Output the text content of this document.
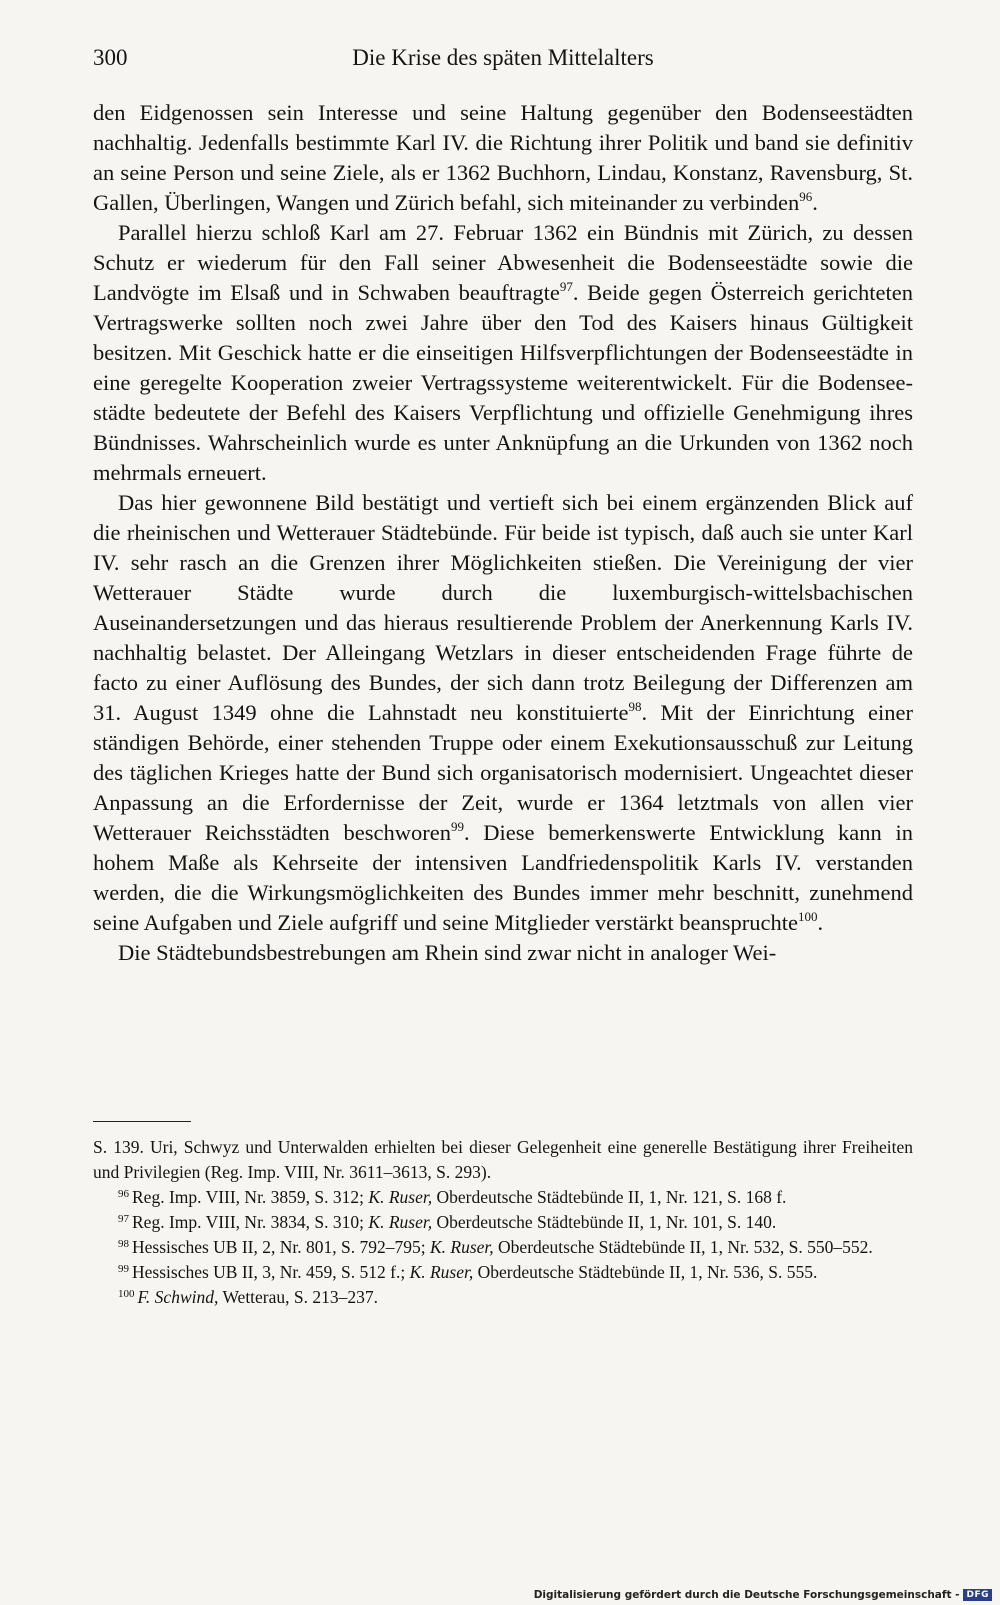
300	Die Krise des späten Mittelalters

den Eidgenossen sein Interesse und seine Haltung gegenüber den Bodenseestädten nachhaltig. Jedenfalls bestimmte Karl IV. die Richtung ihrer Politik und band sie definitiv an seine Person und seine Ziele, als er 1362 Buchhorn, Lindau, Konstanz, Ravensburg, St. Gallen, Überlingen, Wangen und Zürich befahl, sich miteinander zu verbinden$^{96}$.

Parallel hierzu schloß Karl am 27. Februar 1362 ein Bündnis mit Zürich, zu dessen Schutz er wiederum für den Fall seiner Abwesenheit die Bodenseestädte sowie die Landvögte im Elsaß und in Schwaben beauftragte$^{97}$. Beide gegen Österreich gerichteten Vertragswerke sollten noch zwei Jahre über den Tod des Kaisers hinaus Gültigkeit besitzen. Mit Geschick hatte er die einseitigen Hilfsverpflichtungen der Bodenseestädte in eine geregelte Kooperation zweier Vertragssysteme weiterentwickelt. Für die Bodenseestädte bedeutete der Befehl des Kaisers Verpflichtung und offizielle Genehmigung ihres Bündnisses. Wahrscheinlich wurde es unter Anknüpfung an die Urkunden von 1362 noch mehrmals erneuert.

Das hier gewonnene Bild bestätigt und vertieft sich bei einem ergänzenden Blick auf die rheinischen und Wetterauer Städtebünde. Für beide ist typisch, daß auch sie unter Karl IV. sehr rasch an die Grenzen ihrer Möglichkeiten stießen. Die Vereinigung der vier Wetterauer Städte wurde durch die luxemburgisch-wittelsbachischen Auseinandersetzungen und das hieraus resultierende Problem der Anerkennung Karls IV. nachhaltig belastet. Der Alleingang Wetzlars in dieser entscheidenden Frage führte de facto zu einer Auflösung des Bundes, der sich dann trotz Beilegung der Differenzen am 31. August 1349 ohne die Lahnstadt neu konstituierte$^{98}$. Mit der Einrichtung einer ständigen Behörde, einer stehenden Truppe oder einem Exekutionsausschuß zur Leitung des täglichen Krieges hatte der Bund sich organisatorisch modernisiert. Ungeachtet dieser Anpassung an die Erfordernisse der Zeit, wurde er 1364 letztmals von allen vier Wetterauer Reichsstädten beschworen$^{99}$. Diese bemerkenswerte Entwicklung kann in hohem Maße als Kehrseite der intensiven Landfriedenspolitik Karls IV. verstanden werden, die die Wirkungsmöglichkeiten des Bundes immer mehr beschnitt, zunehmend seine Aufgaben und Ziele aufgriff und seine Mitglieder verstärkt beanspruchte$^{100}$.

Die Städtebundsbestrebungen am Rhein sind zwar nicht in analoger Wei-

S. 139. Uri, Schwyz und Unterwalden erhielten bei dieser Gelegenheit eine generelle Bestätigung ihrer Freiheiten und Privilegien (Reg. Imp. VIII, Nr. 3611–3613, S. 293).

$^{96}$ Reg. Imp. VIII, Nr. 3859, S. 312; K. Ruser, Oberdeutsche Städtebünde II, 1, Nr. 121, S. 168 f.

$^{97}$ Reg. Imp. VIII, Nr. 3834, S. 310; K. Ruser, Oberdeutsche Städtebünde II, 1, Nr. 101, S. 140.

$^{98}$ Hessisches UB II, 2, Nr. 801, S. 792–795; K. Ruser, Oberdeutsche Städtebünde II, 1, Nr. 532, S. 550–552.

$^{99}$ Hessisches UB II, 3, Nr. 459, S. 512 f.; K. Ruser, Oberdeutsche Städtebünde II, 1, Nr. 536, S. 555.

$^{100}$ F. Schwind, Wetterau, S. 213–237.

Digitalisierung gefördert durch die Deutsche Forschungsgemeinschaft - DFG
